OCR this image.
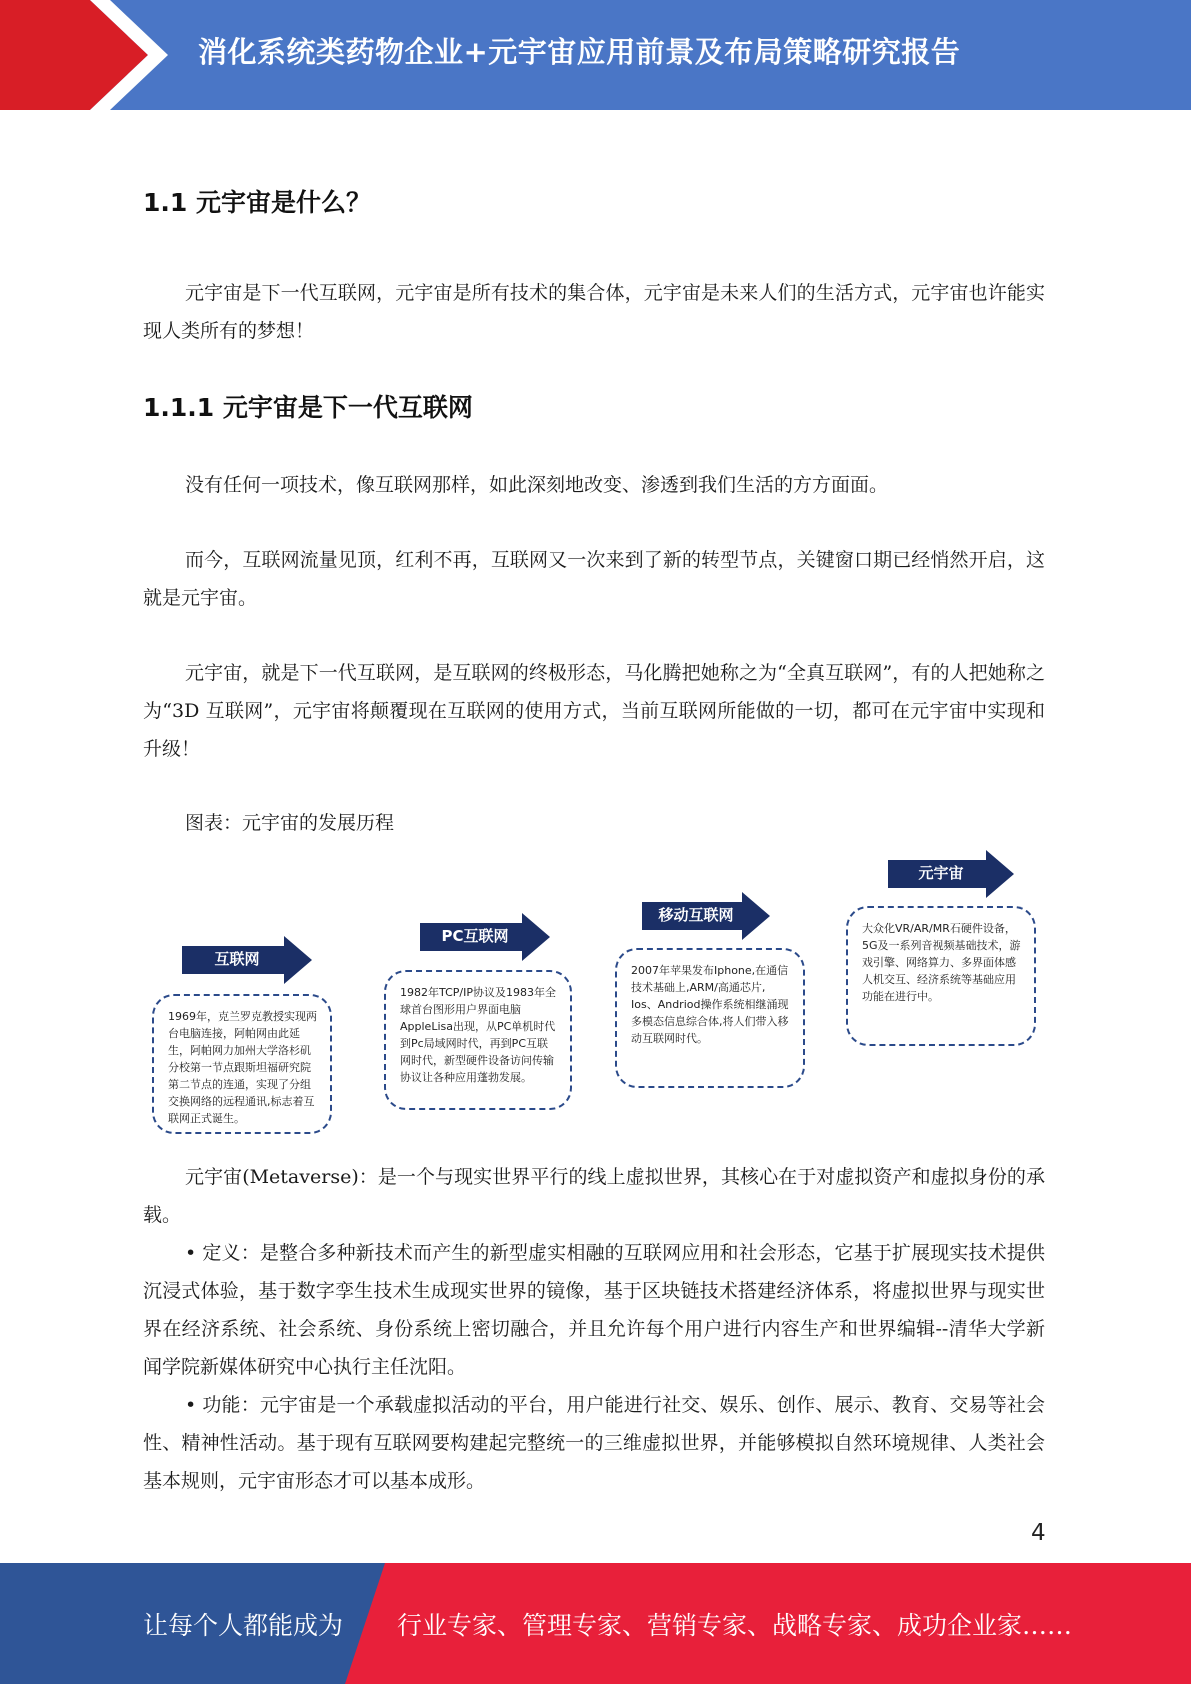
消化系统类药物企业+元宇宙应用前景及布局策略研究报告
1.1 元宇宙是什么？

元宇宙是下一代互联网，元宇宙是所有技术的集合体，元宇宙是未来人们的生活方式，元宇宙也许能实现人类所有的梦想！

1.1.1 元宇宙是下一代互联网

没有任何一项技术，像互联网那样，如此深刻地改变、渗透到我们生活的方方面面。

而今，互联网流量见顶，红利不再，互联网又一次来到了新的转型节点，关键窗口期已经悄然开启，这就是元宇宙。

元宇宙，就是下一代互联网，是互联网的终极形态，马化腾把她称之为“全真互联网”，有的人把她称之为“3D 互联网”，元宇宙将颠覆现在互联网的使用方式，当前互联网所能做的一切，都可在元宇宙中实现和升级！

图表：元宇宙的发展历程
互联网
1969年，克兰罗克教授实现两台电脑连接，阿帕网由此延生，阿帕网力加州大学洛杉矶分校第一节点跟斯坦福研究院第二节点的连通，实现了分组交换网络的远程通讯,标志着互联网正式诞生。
PC互联网
1982年TCP/IP协议及1983年全球首台图形用户界面电脑AppleLisa出现，从PC单机时代到Pc局域网时代，再到PC互联网时代，新型硬件设备访问传输协议让各种应用蓬勃发展。
移动互联网
2007年苹果发布Iphone,在通信技术基础上,ARM/高通芯片, Ios、Andriod操作系统相继涌现多模态信息综合体,将人们带入移动互联网时代。
元宇宙
大众化VR/AR/MR石硬件设备，5G及一系列音视频基础技术，游戏引擎、网络算力、多界面体感人机交互、经济系统等基础应用功能在进行中。

元宇宙(Metaverse)：是一个与现实世界平行的线上虚拟世界，其核心在于对虚拟资产和虚拟身份的承载。

• 定义：是整合多种新技术而产生的新型虚实相融的互联网应用和社会形态，它基于扩展现实技术提供沉浸式体验，基于数字孪生技术生成现实世界的镜像，基于区块链技术搭建经济体系，将虚拟世界与现实世界在经济系统、社会系统、身份系统上密切融合，并且允许每个用户进行内容生产和世界编辑--清华大学新闻学院新媒体研究中心执行主任沈阳。

• 功能：元宇宙是一个承载虚拟活动的平台，用户能进行社交、娱乐、创作、展示、教育、交易等社会性、精神性活动。基于现有互联网要构建起完整统一的三维虚拟世界，并能够模拟自然环境规律、人类社会基本规则，元宇宙形态才可以基本成形。

4
让每个人都能成为 行业专家、管理专家、营销专家、战略专家、成功企业家……
